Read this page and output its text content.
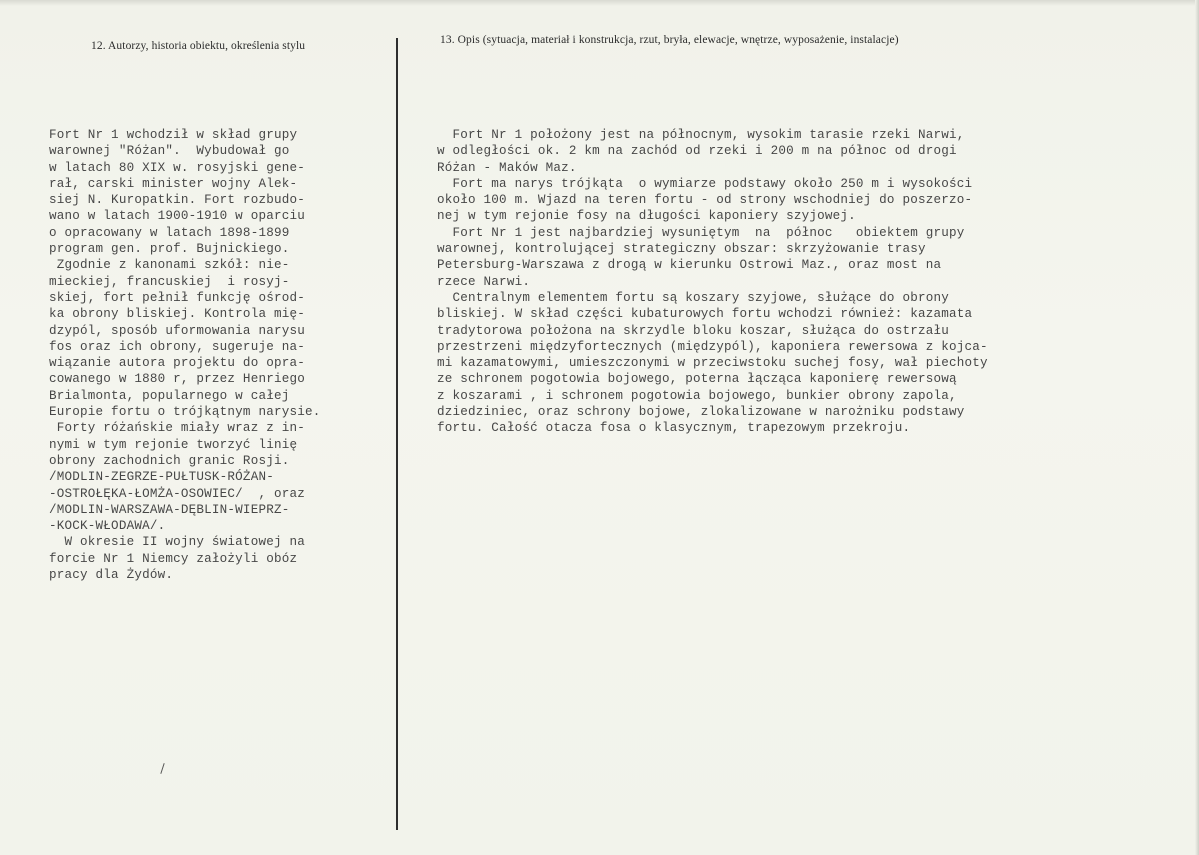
12. Autorzy, historia obiektu, określenia stylu	13. Opis (sytuacja, materiał i konstrukcja, rzut, bryła, elewacje, wnętrze, wyposażenie, instalacje)
Fort Nr 1 wchodził w skład grupy
warownej "Różan".  Wybudował go
w latach 80 XIX w. rosyjski gene-
rał, carski minister wojny Alek-
siej N. Kuropatkin. Fort rozbudo-
wano w latach 1900-1910 w oparciu
o opracowany w latach 1898-1899
program gen. prof. Bujnickiego.
Zgodnie z kanonami szkół: nie-
mieckiej, francuskiej  i rosyj-
skiej, fort pełnił funkcję ośrod-
ka obrony bliskiej. Kontrola mię-
dzypól, sposób uformowania narysu
fos oraz ich obrony, sugeruje na-
wiązanie autora projektu do opra-
cowanego w 1880 r, przez Henriego
Brialmonta, popularnego w całej
Europie fortu o trójkątnym narysie.
Forty różańskie miały wraz z in-
nymi w tym rejonie tworzyć linię
obrony zachodnich granic Rosji.
/MODLIN-ZEGRZE-PUŁTUSK-RÓŻAN-
-OSTROŁĘKA-ŁOMŻA-OSOWIEC/  , oraz
/MODLIN-WARSZAWA-DĘBLIN-WIEPRZ-
-KOCK-WŁODAWA/.
W okresie II wojny światowej na
forcie Nr 1 Niemcy założyli obóz
pracy dla Żydów.
Fort Nr 1 położony jest na północnym, wysokim tarasie rzeki Narwi,
w odległości ok. 2 km na zachód od rzeki i 200 m na północ od drogi
Różan - Maków Maz.
Fort ma narys trójkąta  o wymiarze podstawy około 250 m i wysokości
około 100 m. Wjazd na teren fortu - od strony wschodniej do poszerzo-
nej w tym rejonie fosy na długości kaponiery szyjowej.
Fort Nr 1 jest najbardziej wysuniętym  na  północ   obiektem grupy
warownej, kontrolującej strategiczny obszar: skrzyżowanie trasy
Petersburg-Warszawa z drogą w kierunku Ostrowi Maz., oraz most na
rzece Narwi.
Centralnym elementem fortu są koszary szyjowe, służące do obrony
bliskiej. W skład części kubaturowych fortu wchodzi również: kazamata
tradytorowa położona na skrzydle bloku koszar, służąca do ostrzału
przestrzeni międzyfortecznych (międzypól), kaponiera rewersowa z kojca-
mi kazamatowymi, umieszczonymi w przeciwstoku suchej fosy, wał piechoty
ze schronem pogotowia bojowego, poterna łącząca kaponierę rewersową
z koszarami , i schronem pogotowia bojowego, bunkier obrony zapola,
dziedziniec, oraz schrony bojowe, zlokalizowane w narożniku podstawy
fortu. Całość otacza fosa o klasycznym, trapezowym przekroju.
